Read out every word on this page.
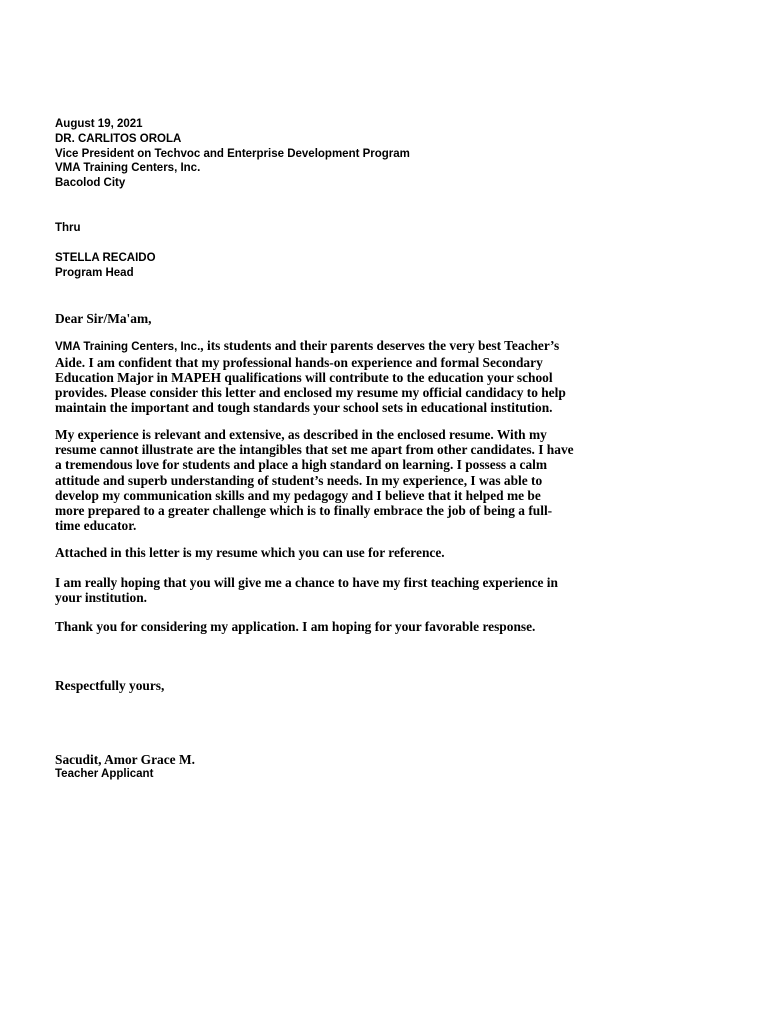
August 19, 2021
DR. CARLITOS OROLA
Vice President on Techvoc and Enterprise Development Program
VMA Training Centers, Inc.
Bacolod City
Thru
STELLA RECAIDO
Program Head
Dear Sir/Ma'am,
VMA Training Centers, Inc., its students and their parents deserves the very best Teacher’s
Aide. I am confident that my professional hands-on experience and formal Secondary
Education Major in MAPEH qualifications will contribute to the education your school
provides. Please consider this letter and enclosed my resume my official candidacy to help
maintain the important and tough standards your school sets in educational institution.
My experience is relevant and extensive, as described in the enclosed resume. With my
resume cannot illustrate are the intangibles that set me apart from other candidates. I have
a tremendous love for students and place a high standard on learning. I possess a calm
attitude and superb understanding of student’s needs. In my experience, I was able to
develop my communication skills and my pedagogy and I believe that it helped me be
more prepared to a greater challenge which is to finally embrace the job of being a full-
time educator.
Attached in this letter is my resume which you can use for reference.
I am really hoping that you will give me a chance to have my first teaching experience in
your institution.
Thank you for considering my application. I am hoping for your favorable response.
Respectfully yours,
Sacudit, Amor Grace M.
Teacher Applicant
